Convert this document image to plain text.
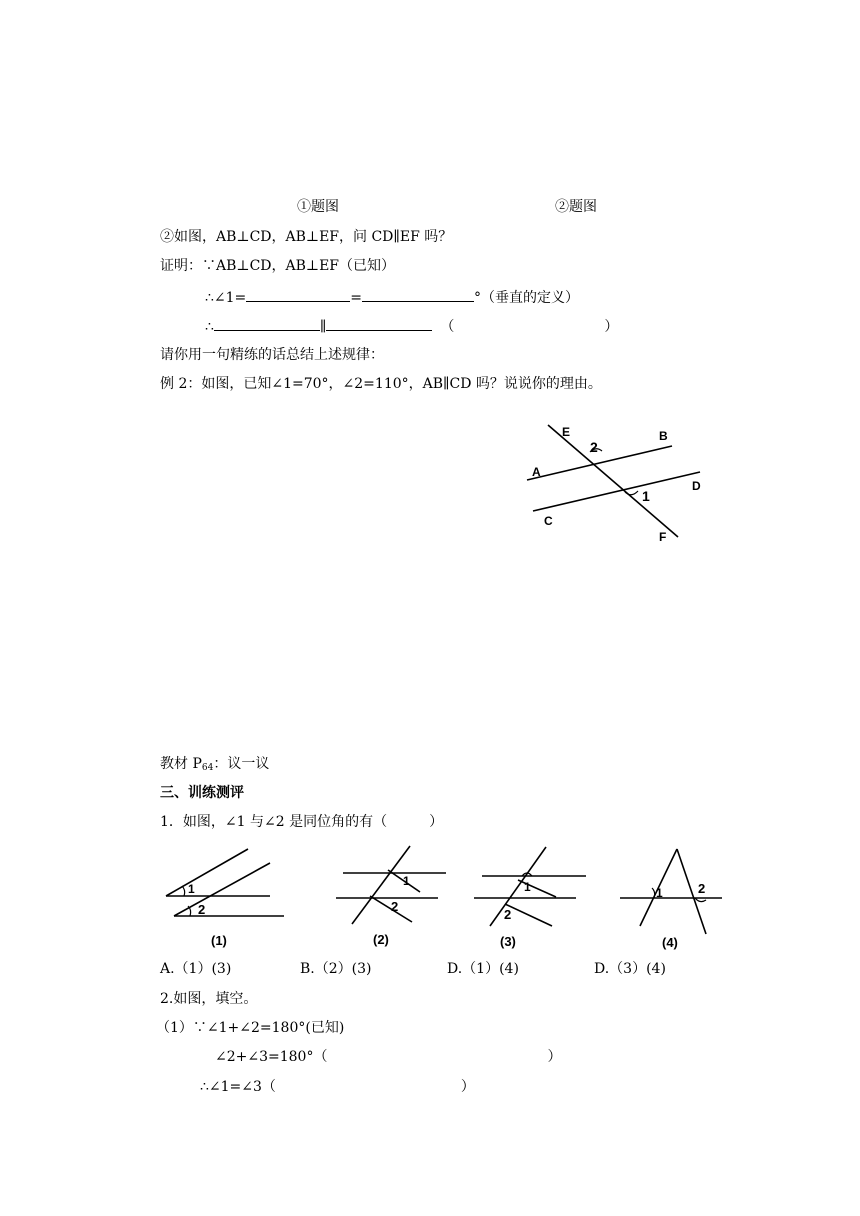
①题图	②题图
②如图，AB⊥CD，AB⊥EF，问 CD∥EF 吗？
证明：∵AB⊥CD，AB⊥EF（已知）
∴∠1=	=	°（垂直的定义）
∴	∥	（	）
请你用一句精练的话总结上述规律：
例 2：如图，已知∠1=70°，∠2=110°，AB∥CD 吗？说说你的理由。
E	B
A
D
C
F
2
1
教材 $P_{64}$：议一议
三、训练测评
1．如图，∠1 与∠2 是同位角的有（　　　）
1
2
(1)
1
2
(2)
1
2
(3)
1	2
(4)
A.（1）(3)	B.（2）(3)	D.（1）(4)	D.（3）(4)
2.如图，填空。
（1）∵∠1+∠2=180°(已知)
∠2+∠3=180°（	）
∴∠1=∠3（	）
